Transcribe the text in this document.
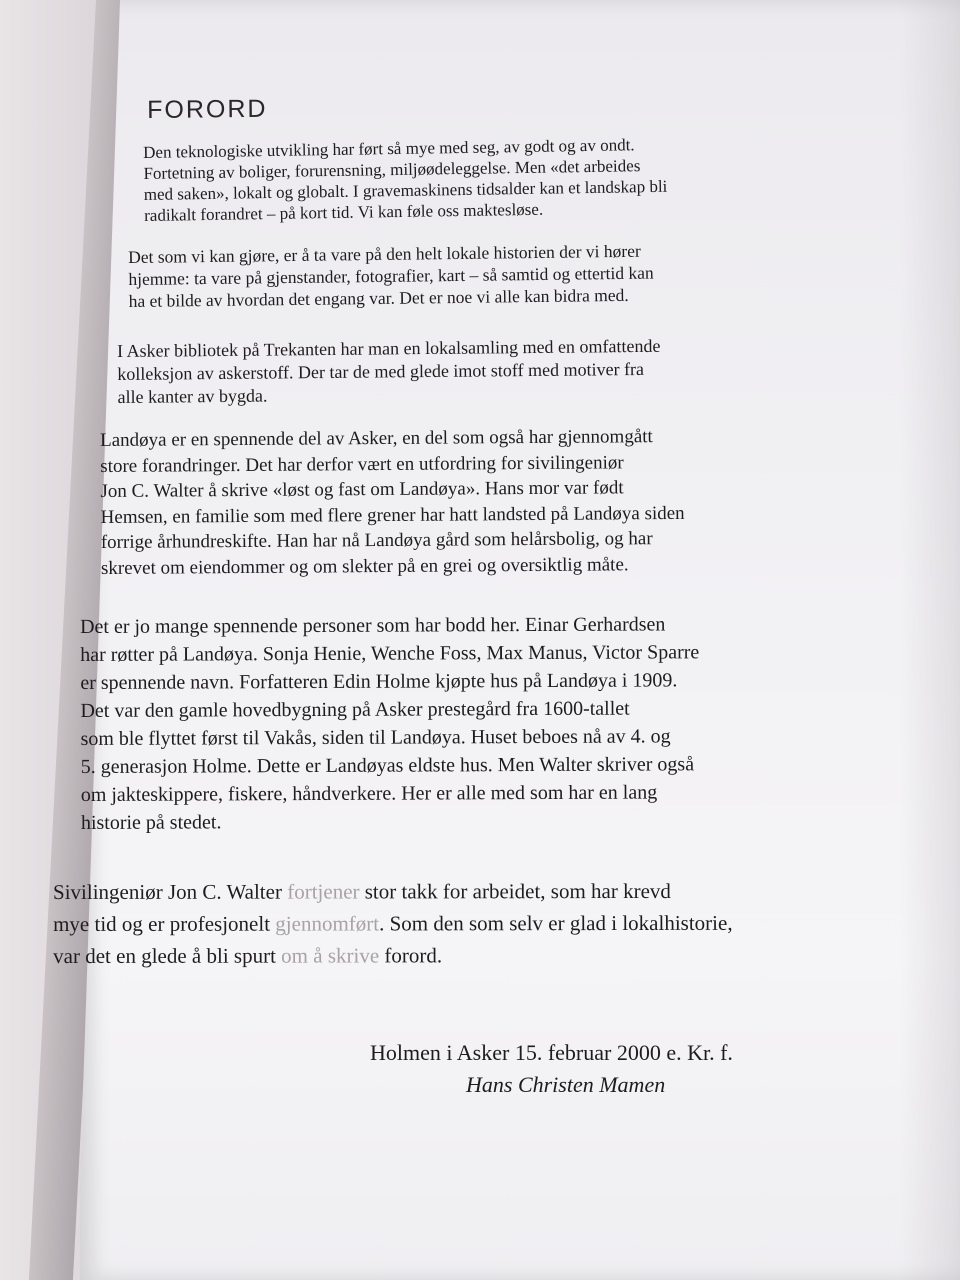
FORORD
Den teknologiske utvikling har ført så mye med seg, av godt og av ondt.
Fortetning av boliger, forurensning, miljøødeleggelse. Men «det arbeides
med saken», lokalt og globalt. I gravemaskinens tidsalder kan et landskap bli
radikalt forandret – på kort tid. Vi kan føle oss maktesløse.
Det som vi kan gjøre, er å ta vare på den helt lokale historien der vi hører
hjemme: ta vare på gjenstander, fotografier, kart – så samtid og ettertid kan
ha et bilde av hvordan det engang var. Det er noe vi alle kan bidra med.
I Asker bibliotek på Trekanten har man en lokalsamling med en omfattende
kolleksjon av askerstoff. Der tar de med glede imot stoff med motiver fra
alle kanter av bygda.
Landøya er en spennende del av Asker, en del som også har gjennomgått
store forandringer. Det har derfor vært en utfordring for sivilingeniør
Jon C. Walter å skrive «løst og fast om Landøya». Hans mor var født
Hemsen, en familie som med flere grener har hatt landsted på Landøya siden
forrige århundreskifte. Han har nå Landøya gård som helårsbolig, og har
skrevet om eiendommer og om slekter på en grei og oversiktlig måte.
Det er jo mange spennende personer som har bodd her. Einar Gerhardsen
har røtter på Landøya. Sonja Henie, Wenche Foss, Max Manus, Victor Sparre
er spennende navn. Forfatteren Edin Holme kjøpte hus på Landøya i 1909.
Det var den gamle hovedbygning på Asker prestegård fra 1600-tallet
som ble flyttet først til Vakås, siden til Landøya. Huset beboes nå av 4. og
5. generasjon Holme. Dette er Landøyas eldste hus. Men Walter skriver også
om jakteskippere, fiskere, håndverkere. Her er alle med som har en lang
historie på stedet.
Sivilingeniør Jon C. Walter fortjener stor takk for arbeidet, som har krevd
mye tid og er profesjonelt gjennomført. Som den som selv er glad i lokalhistorie,
var det en glede å bli spurt om å skrive forord.
Holmen i Asker 15. februar 2000 e. Kr. f.
Hans Christen Mamen
